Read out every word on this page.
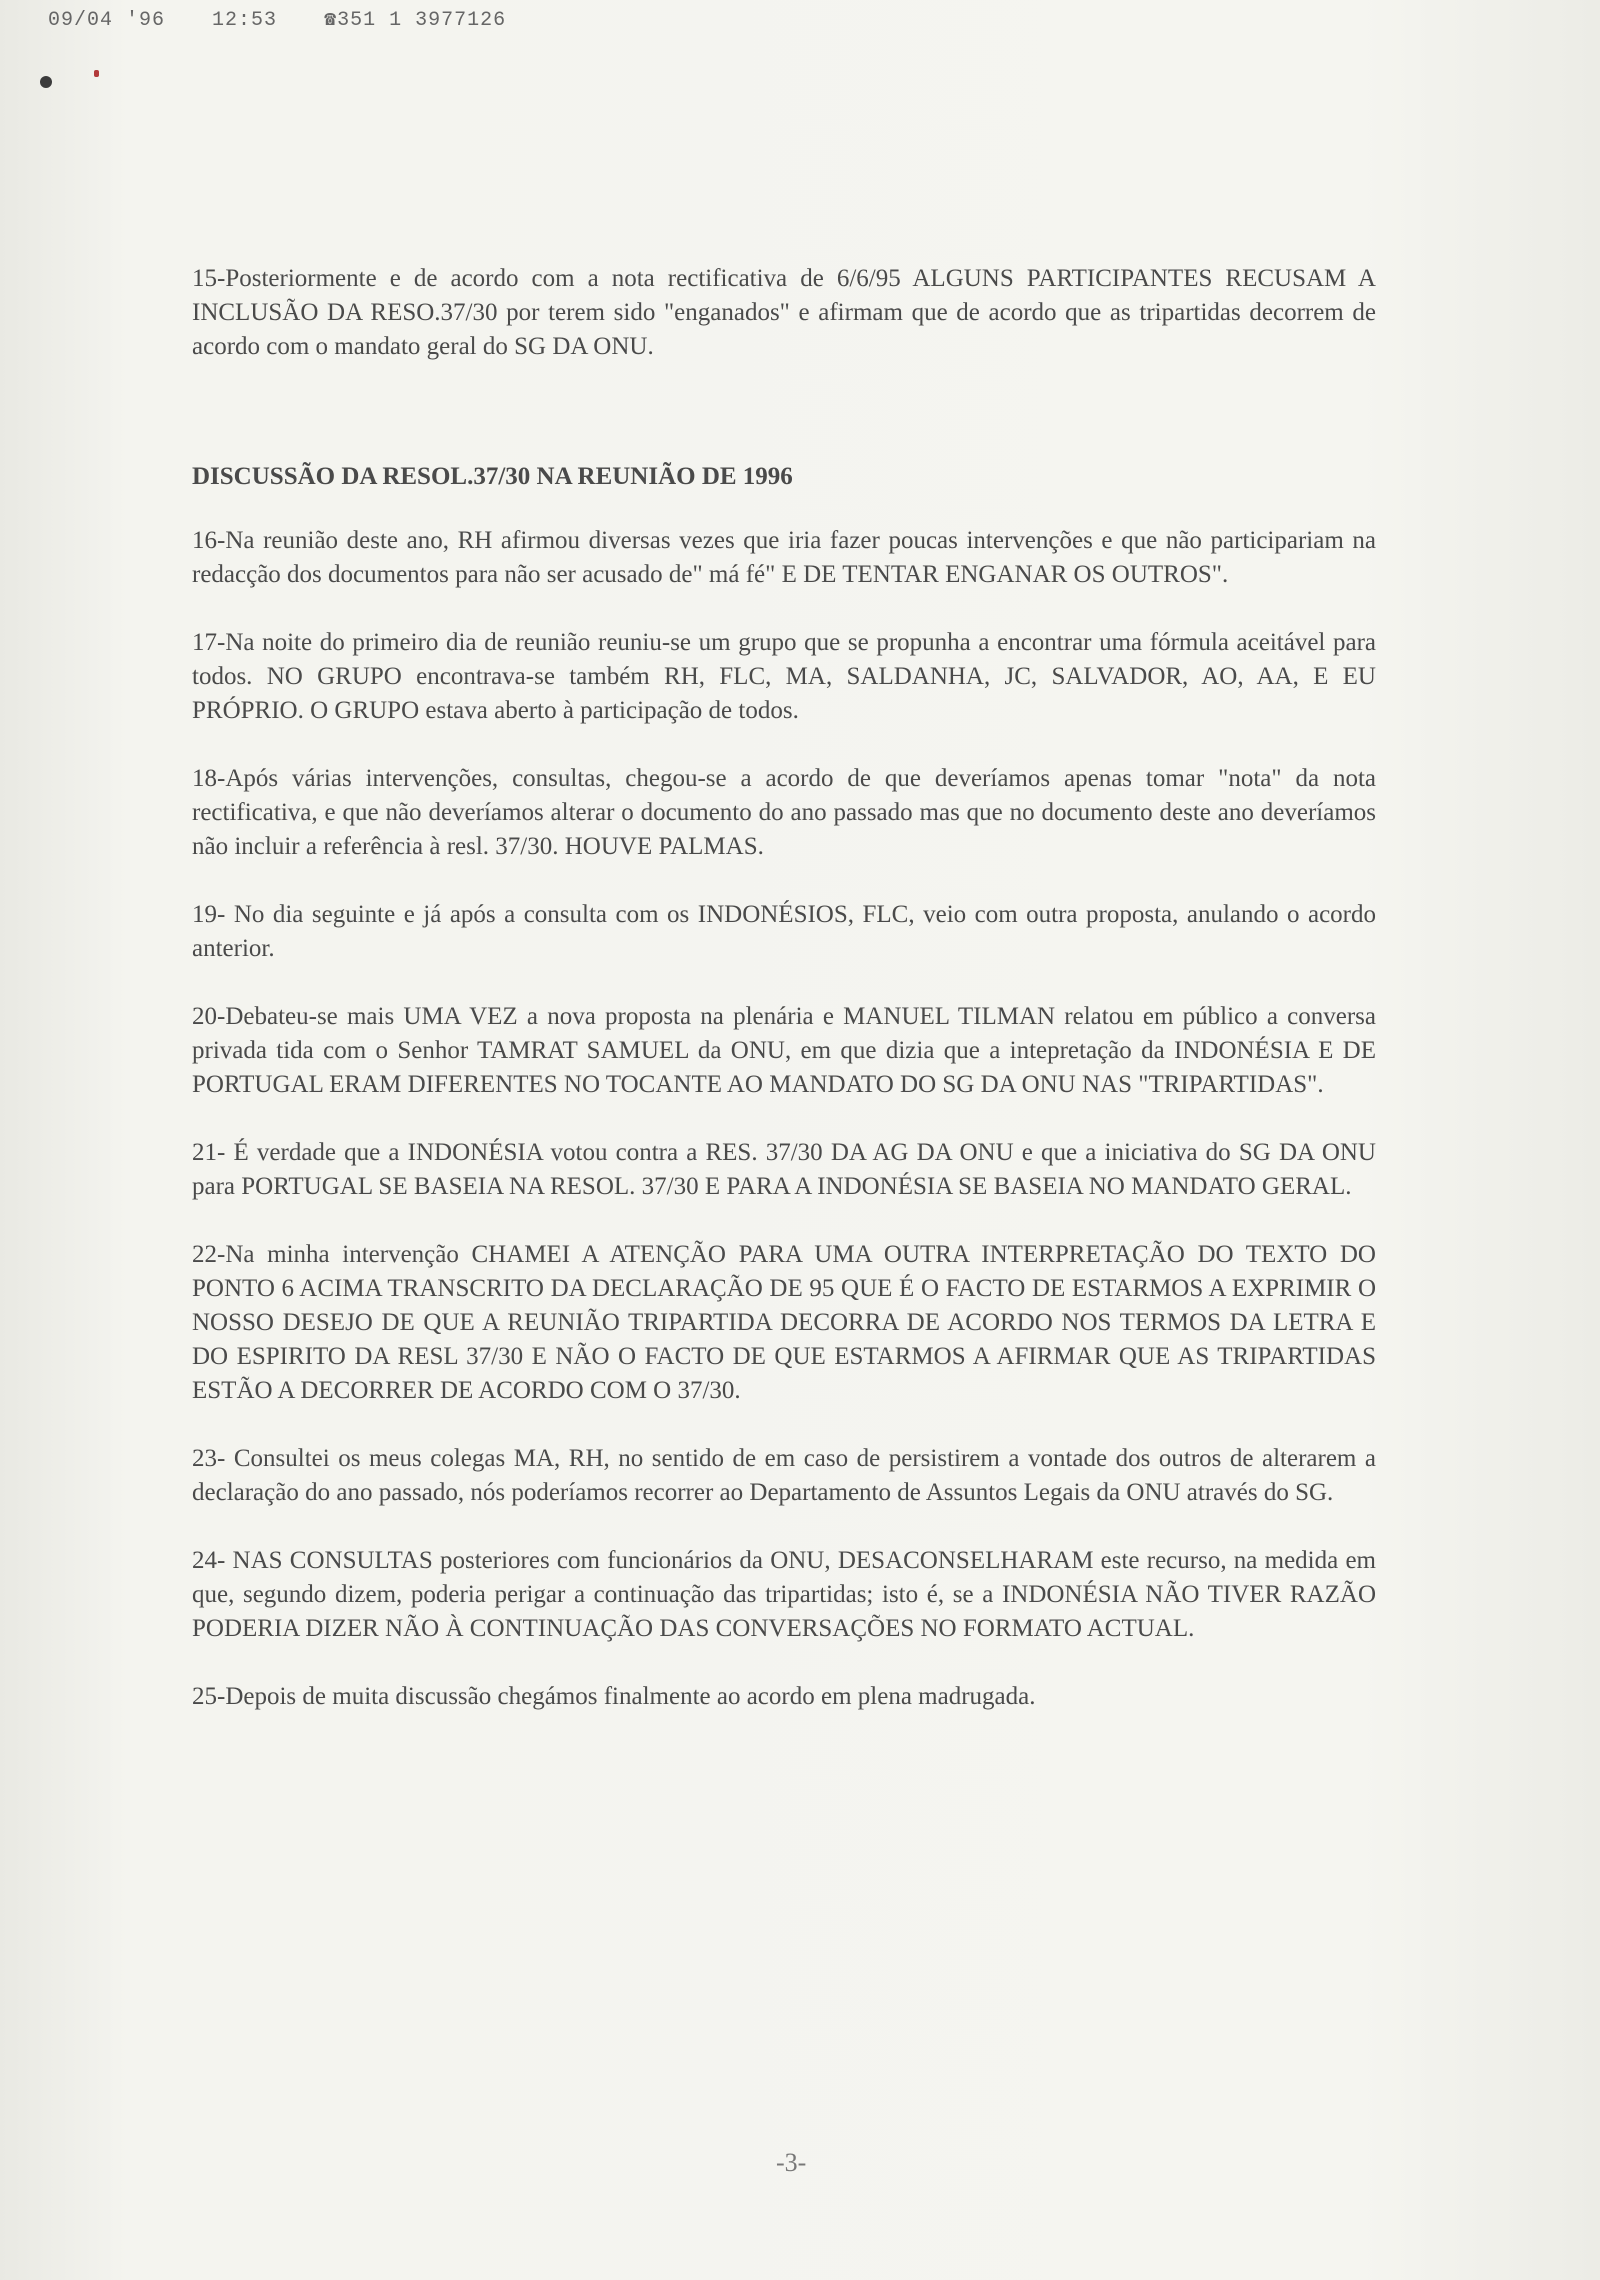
09/04 '96 12:53 ☎351 1 3977126

15-Posteriormente e de acordo com a nota rectificativa de 6/6/95 ALGUNS PARTICIPANTES RECUSAM A INCLUSÃO DA RESO.37/30 por terem sido "enganados" e afirmam que de acordo que as tripartidas decorrem de acordo com o mandato geral do SG DA ONU.

DISCUSSÃO DA RESOL.37/30 NA REUNIÃO DE 1996

16-Na reunião deste ano, RH afirmou diversas vezes que iria fazer poucas intervenções e que não participariam na redacção dos documentos para não ser acusado de" má fé" E DE TENTAR ENGANAR OS OUTROS".

17-Na noite do primeiro dia de reunião reuniu-se um grupo que se propunha a encontrar uma fórmula aceitável para todos. NO GRUPO encontrava-se também RH, FLC, MA, SALDANHA, JC, SALVADOR, AO, AA, E EU PRÓPRIO. O GRUPO estava aberto à participação de todos.

18-Após várias intervenções, consultas, chegou-se a acordo de que deveríamos apenas tomar "nota" da nota rectificativa, e que não deveríamos alterar o documento do ano passado mas que no documento deste ano deveríamos não incluir a referência à resl. 37/30. HOUVE PALMAS.

19- No dia seguinte e já após a consulta com os INDONÉSIOS, FLC, veio com outra proposta, anulando o acordo anterior.

20-Debateu-se mais UMA VEZ a nova proposta na plenária e MANUEL TILMAN relatou em público a conversa privada tida com o Senhor TAMRAT SAMUEL da ONU, em que dizia que a intepretação da INDONÉSIA E DE PORTUGAL ERAM DIFERENTES NO TOCANTE AO MANDATO DO SG DA ONU NAS "TRIPARTIDAS".

21- É verdade que a INDONÉSIA votou contra a RES. 37/30 DA AG DA ONU e que a iniciativa do SG DA ONU para PORTUGAL SE BASEIA NA RESOL. 37/30 E PARA A INDONÉSIA SE BASEIA NO MANDATO GERAL.

22-Na minha intervenção CHAMEI A ATENÇÃO PARA UMA OUTRA INTERPRETAÇÃO DO TEXTO DO PONTO 6 ACIMA TRANSCRITO DA DECLARAÇÃO DE 95 QUE É O FACTO DE ESTARMOS A EXPRIMIR O NOSSO DESEJO DE QUE A REUNIÃO TRIPARTIDA DECORRA DE ACORDO NOS TERMOS DA LETRA E DO ESPIRITO DA RESL 37/30 E NÃO O FACTO DE QUE ESTARMOS A AFIRMAR QUE AS TRIPARTIDAS ESTÃO A DECORRER DE ACORDO COM O 37/30.

23- Consultei os meus colegas MA, RH, no sentido de em caso de persistirem a vontade dos outros de alterarem a declaração do ano passado, nós poderíamos recorrer ao Departamento de Assuntos Legais da ONU através do SG.

24- NAS CONSULTAS posteriores com funcionários da ONU, DESACONSELHARAM este recurso, na medida em que, segundo dizem, poderia perigar a continuação das tripartidas; isto é, se a INDONÉSIA NÃO TIVER RAZÃO PODERIA DIZER NÃO À CONTINUAÇÃO DAS CONVERSAÇÕES NO FORMATO ACTUAL.

25-Depois de muita discussão chegámos finalmente ao acordo em plena madrugada.

-3-
